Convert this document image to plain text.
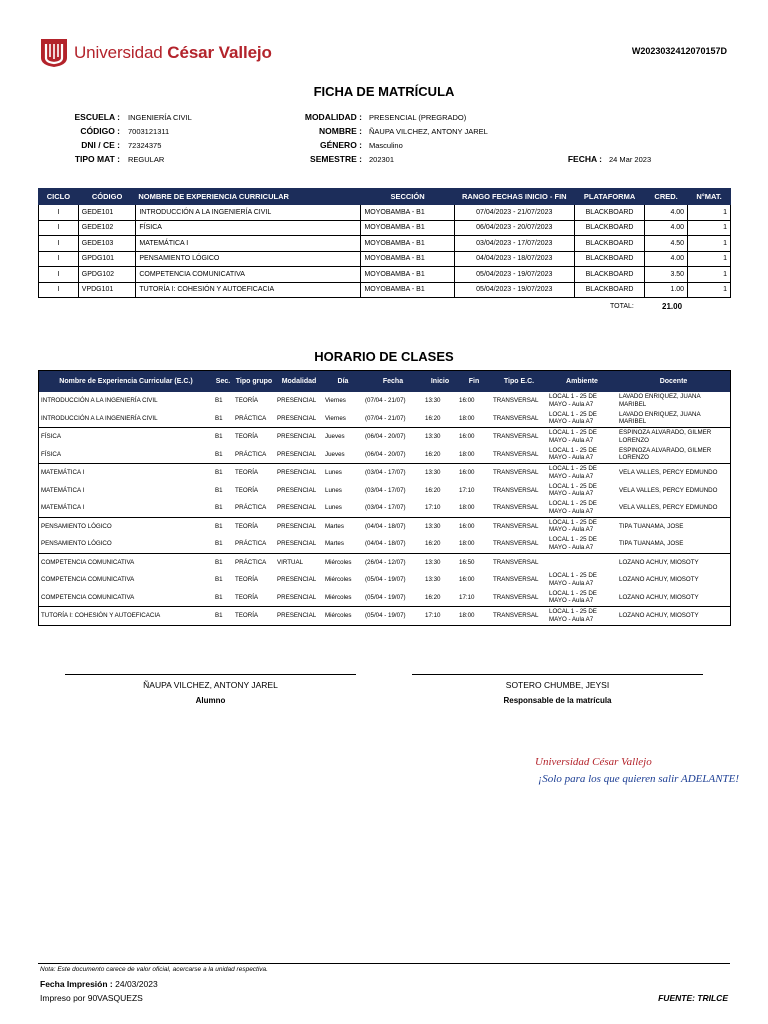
Universidad César Vallejo	W2023032412070157D
FICHA DE MATRÍCULA
ESCUELA : INGENIERÍA CIVIL
CÓDIGO : 7003121311
DNI / CE : 72324375
TIPO MAT : REGULAR
MODALIDAD : PRESENCIAL (PREGRADO)
NOMBRE : ÑAUPA VILCHEZ, ANTONY JAREL
GÉNERO : Masculino
SEMESTRE : 202301	FECHA : 24 Mar 2023
CICLO	CÓDIGO	NOMBRE DE EXPERIENCIA CURRICULAR	SECCIÓN	RANGO FECHAS INICIO - FIN	PLATAFORMA	CRED.	N°MAT.
I	GEDE101	INTRODUCCIÓN A LA INGENIERÍA CIVIL	MOYOBAMBA - B1	07/04/2023 - 21/07/2023	BLACKBOARD	4.00	1
I	GEDE102	FÍSICA	MOYOBAMBA - B1	06/04/2023 - 20/07/2023	BLACKBOARD	4.00	1
I	GEDE103	MATEMÁTICA I	MOYOBAMBA - B1	03/04/2023 - 17/07/2023	BLACKBOARD	4.50	1
I	GPDG101	PENSAMIENTO LÓGICO	MOYOBAMBA - B1	04/04/2023 - 18/07/2023	BLACKBOARD	4.00	1
I	GPDG102	COMPETENCIA COMUNICATIVA	MOYOBAMBA - B1	05/04/2023 - 19/07/2023	BLACKBOARD	3.50	1
I	VPDG101	TUTORÍA I: COHESIÓN Y AUTOEFICACIA	MOYOBAMBA - B1	05/04/2023 - 19/07/2023	BLACKBOARD	1.00	1
TOTAL:	21.00
HORARIO DE CLASES
Nombre de Experiencia Curricular (E.C.)	Sec.	Tipo grupo	Modalidad	Día	Fecha	Inicio	Fin	Tipo E.C.	Ambiente	Docente
INTRODUCCIÓN A LA INGENIERÍA CIVIL	B1	TEORÍA	PRESENCIAL	Viernes	(07/04 - 21/07)	13:30	16:00	TRANSVERSAL	LOCAL 1 - 25 DE MAYO - Aula A7	LAVADO ENRIQUEZ, JUANA MARIBEL
INTRODUCCIÓN A LA INGENIERÍA CIVIL	B1	PRÁCTICA	PRESENCIAL	Viernes	(07/04 - 21/07)	16:20	18:00	TRANSVERSAL	LOCAL 1 - 25 DE MAYO - Aula A7	LAVADO ENRIQUEZ, JUANA MARIBEL
FÍSICA	B1	TEORÍA	PRESENCIAL	Jueves	(06/04 - 20/07)	13:30	16:00	TRANSVERSAL	LOCAL 1 - 25 DE MAYO - Aula A7	ESPINOZA ALVARADO, GILMER LORENZO
FÍSICA	B1	PRÁCTICA	PRESENCIAL	Jueves	(06/04 - 20/07)	16:20	18:00	TRANSVERSAL	LOCAL 1 - 25 DE MAYO - Aula A7	ESPINOZA ALVARADO, GILMER LORENZO
MATEMÁTICA I	B1	TEORÍA	PRESENCIAL	Lunes	(03/04 - 17/07)	13:30	16:00	TRANSVERSAL	LOCAL 1 - 25 DE MAYO - Aula A7	VELA VALLES, PERCY EDMUNDO
MATEMÁTICA I	B1	TEORÍA	PRESENCIAL	Lunes	(03/04 - 17/07)	16:20	17:10	TRANSVERSAL	LOCAL 1 - 25 DE MAYO - Aula A7	VELA VALLES, PERCY EDMUNDO
MATEMÁTICA I	B1	PRÁCTICA	PRESENCIAL	Lunes	(03/04 - 17/07)	17:10	18:00	TRANSVERSAL	LOCAL 1 - 25 DE MAYO - Aula A7	VELA VALLES, PERCY EDMUNDO
PENSAMIENTO LÓGICO	B1	TEORÍA	PRESENCIAL	Martes	(04/04 - 18/07)	13:30	16:00	TRANSVERSAL	LOCAL 1 - 25 DE MAYO - Aula A7	TIPA TUANAMA, JOSE
PENSAMIENTO LÓGICO	B1	PRÁCTICA	PRESENCIAL	Martes	(04/04 - 18/07)	16:20	18:00	TRANSVERSAL	LOCAL 1 - 25 DE MAYO - Aula A7	TIPA TUANAMA, JOSE
COMPETENCIA COMUNICATIVA	B1	PRÁCTICA	VIRTUAL	Miércoles	(26/04 - 12/07)	13:30	16:50	TRANSVERSAL		LOZANO ACHUY, MIOSOTY
COMPETENCIA COMUNICATIVA	B1	TEORÍA	PRESENCIAL	Miércoles	(05/04 - 19/07)	13:30	16:00	TRANSVERSAL	LOCAL 1 - 25 DE MAYO - Aula A7	LOZANO ACHUY, MIOSOTY
COMPETENCIA COMUNICATIVA	B1	TEORÍA	PRESENCIAL	Miércoles	(05/04 - 19/07)	16:20	17:10	TRANSVERSAL	LOCAL 1 - 25 DE MAYO - Aula A7	LOZANO ACHUY, MIOSOTY
TUTORÍA I: COHESIÓN Y AUTOEFICACIA	B1	TEORÍA	PRESENCIAL	Miércoles	(05/04 - 19/07)	17:10	18:00	TRANSVERSAL	LOCAL 1 - 25 DE MAYO - Aula A7	LOZANO ACHUY, MIOSOTY
ÑAUPA VILCHEZ, ANTONY JAREL
Alumno
SOTERO CHUMBE, JEYSI
Responsable de la matrícula
Universidad César Vallejo
¡Solo para los que quieren salir ADELANTE!
Nota: Este documento carece de valor oficial, acercarse a la unidad respectiva.
Fecha Impresión : 24/03/2023
Impreso por 90VASQUEZS	FUENTE: TRILCE
